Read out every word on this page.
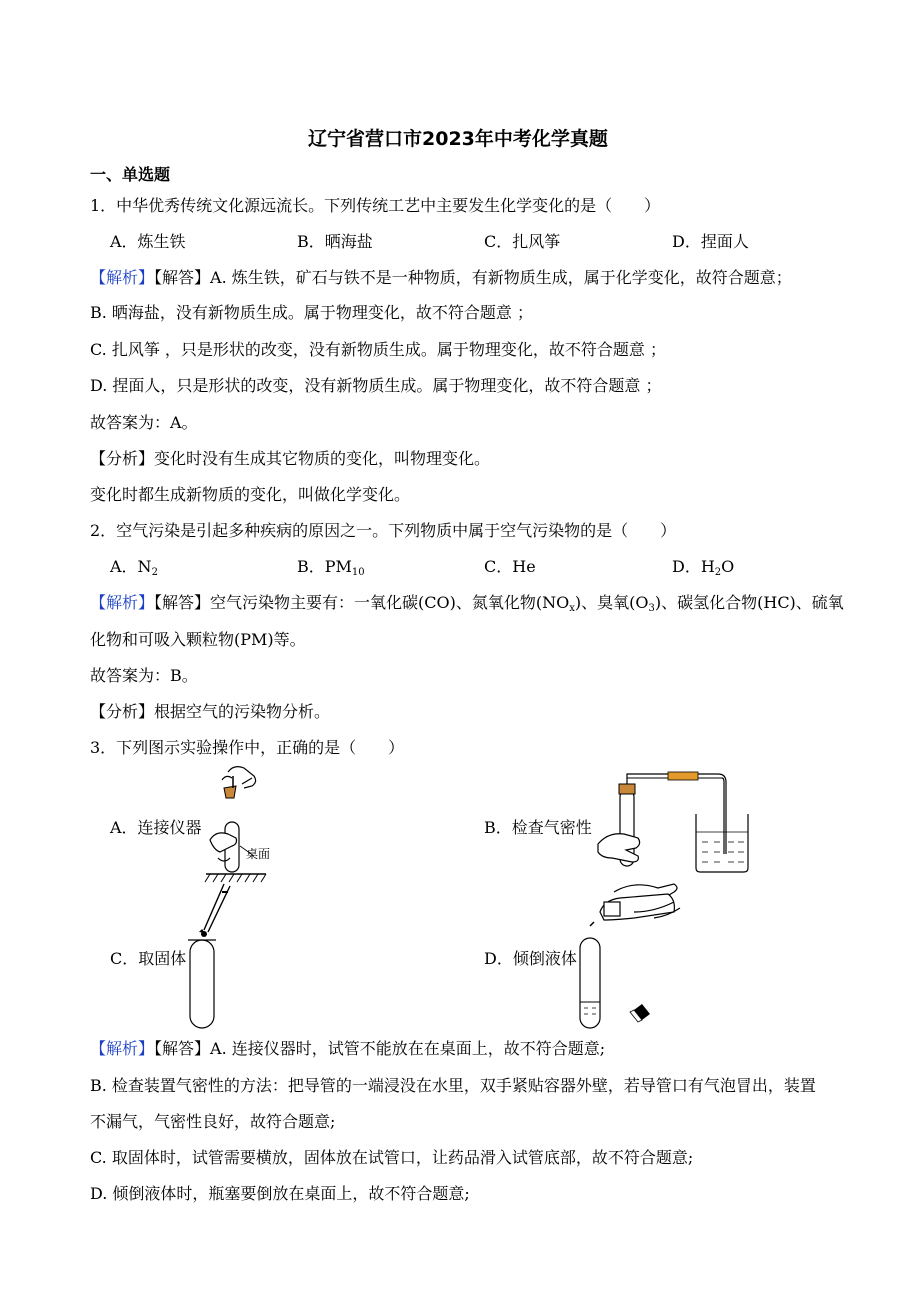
辽宁省营口市2023年中考化学真题
一、单选题
1．中华优秀传统文化源远流长。下列传统工艺中主要发生化学变化的是（　　）
A．炼生铁	B．晒海盐	C．扎风筝	D．捏面人
【解析】【解答】A. 炼生铁，矿石与铁不是一种物质，有新物质生成，属于化学变化，故符合题意；
B. 晒海盐，没有新物质生成。属于物理变化，故不符合题意 ；
C. 扎风筝 ，只是形状的改变，没有新物质生成。属于物理变化，故不符合题意 ；
D. 捏面人，只是形状的改变，没有新物质生成。属于物理变化，故不符合题意 ；
故答案为：A。
【分析】变化时没有生成其它物质的变化，叫物理变化。
变化时都生成新物质的变化，叫做化学变化。
2．空气污染是引起多种疾病的原因之一。下列物质中属于空气污染物的是（　　）
A．$N_2$	B．$PM_{10}$	C．He	D．$H_2O$
【解析】【解答】空气污染物主要有：一氧化碳(CO)、氮氧化物$(NO_x)$、臭氧$(O_3)$、碳氢化合物(HC)、硫氧
化物和可吸入颗粒物(PM)等。
故答案为：B。
【分析】根据空气的污染物分析。
3．下列图示实验操作中，正确的是（　　）
A．连接仪器	B．检查气密性
C．取固体	D．倾倒液体
桌面
【解析】【解答】A. 连接仪器时，试管不能放在在桌面上，故不符合题意;
B. 检查装置气密性的方法：把导管的一端浸没在水里，双手紧贴容器外壁，若导管口有气泡冒出，装置
不漏气，气密性良好，故符合题意;
C. 取固体时，试管需要横放，固体放在试管口，让药品滑入试管底部，故不符合题意;
D. 倾倒液体时，瓶塞要倒放在桌面上，故不符合题意;
